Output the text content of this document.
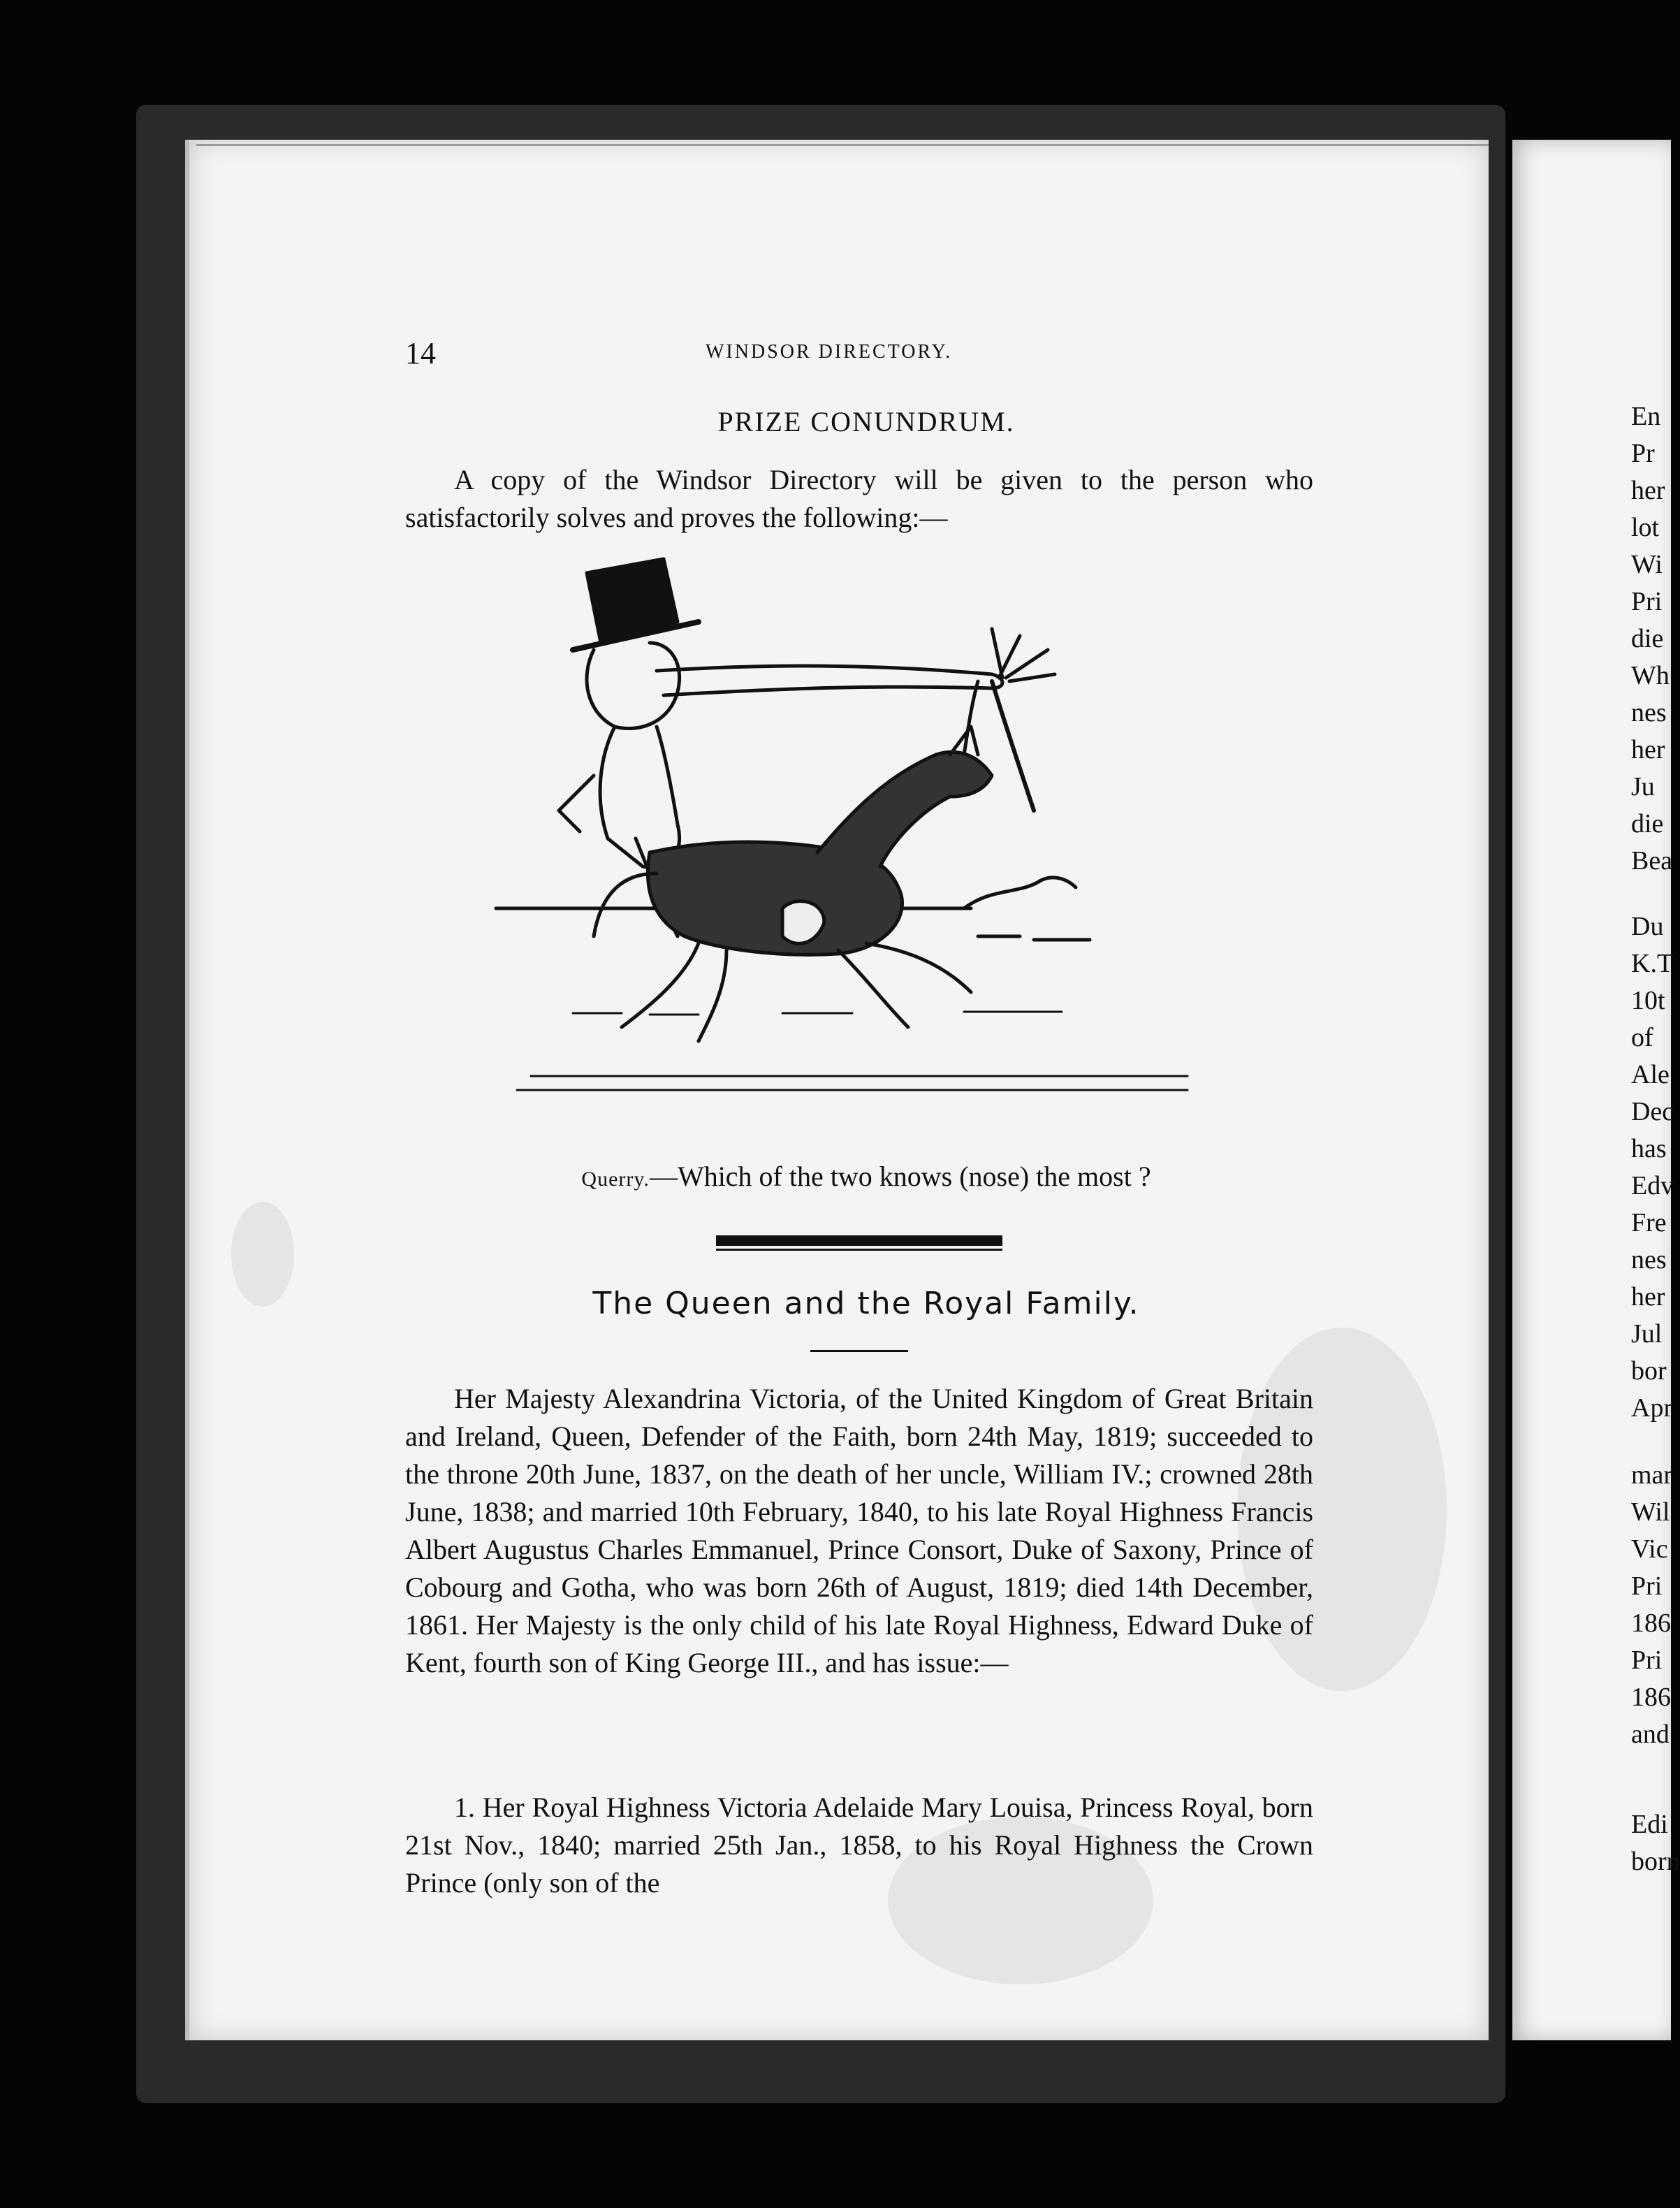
En
Pr
her
lot
Wi
Pri
die
Wh
nes
her
Ju
die
Bea
Du
K.T
10t
of
Ale
Dec
has
Edv
Fre
nes
her
Jul
bor
Apr
mar
Wil
Vic
Pri
186
Pri
186
and
Edi
born
14	WINDSOR DIRECTORY.
PRIZE CONUNDRUM.
A copy of the Windsor Directory will be given to the person who satisfactorily solves and proves the following:—
Querry.—Which of the two knows (nose) the most ?
The Queen and the Royal Family.
Her Majesty Alexandrina Victoria, of the United Kingdom of Great Britain and Ireland, Queen, Defender of the Faith, born 24th May, 1819; succeeded to the throne 20th June, 1837, on the death of her uncle, William IV.; crowned 28th June, 1838; and married 10th February, 1840, to his late Royal Highness Francis Albert Augustus Charles Emmanuel, Prince Consort, Duke of Saxony, Prince of Cobourg and Gotha, who was born 26th of August, 1819; died 14th December, 1861. Her Majesty is the only child of his late Royal Highness, Edward Duke of Kent, fourth son of King George III., and has issue:—
1. Her Royal Highness Victoria Adelaide Mary Louisa, Princess Royal, born 21st Nov., 1840; married 25th Jan., 1858, to his Royal Highness the Crown Prince (only son of the
